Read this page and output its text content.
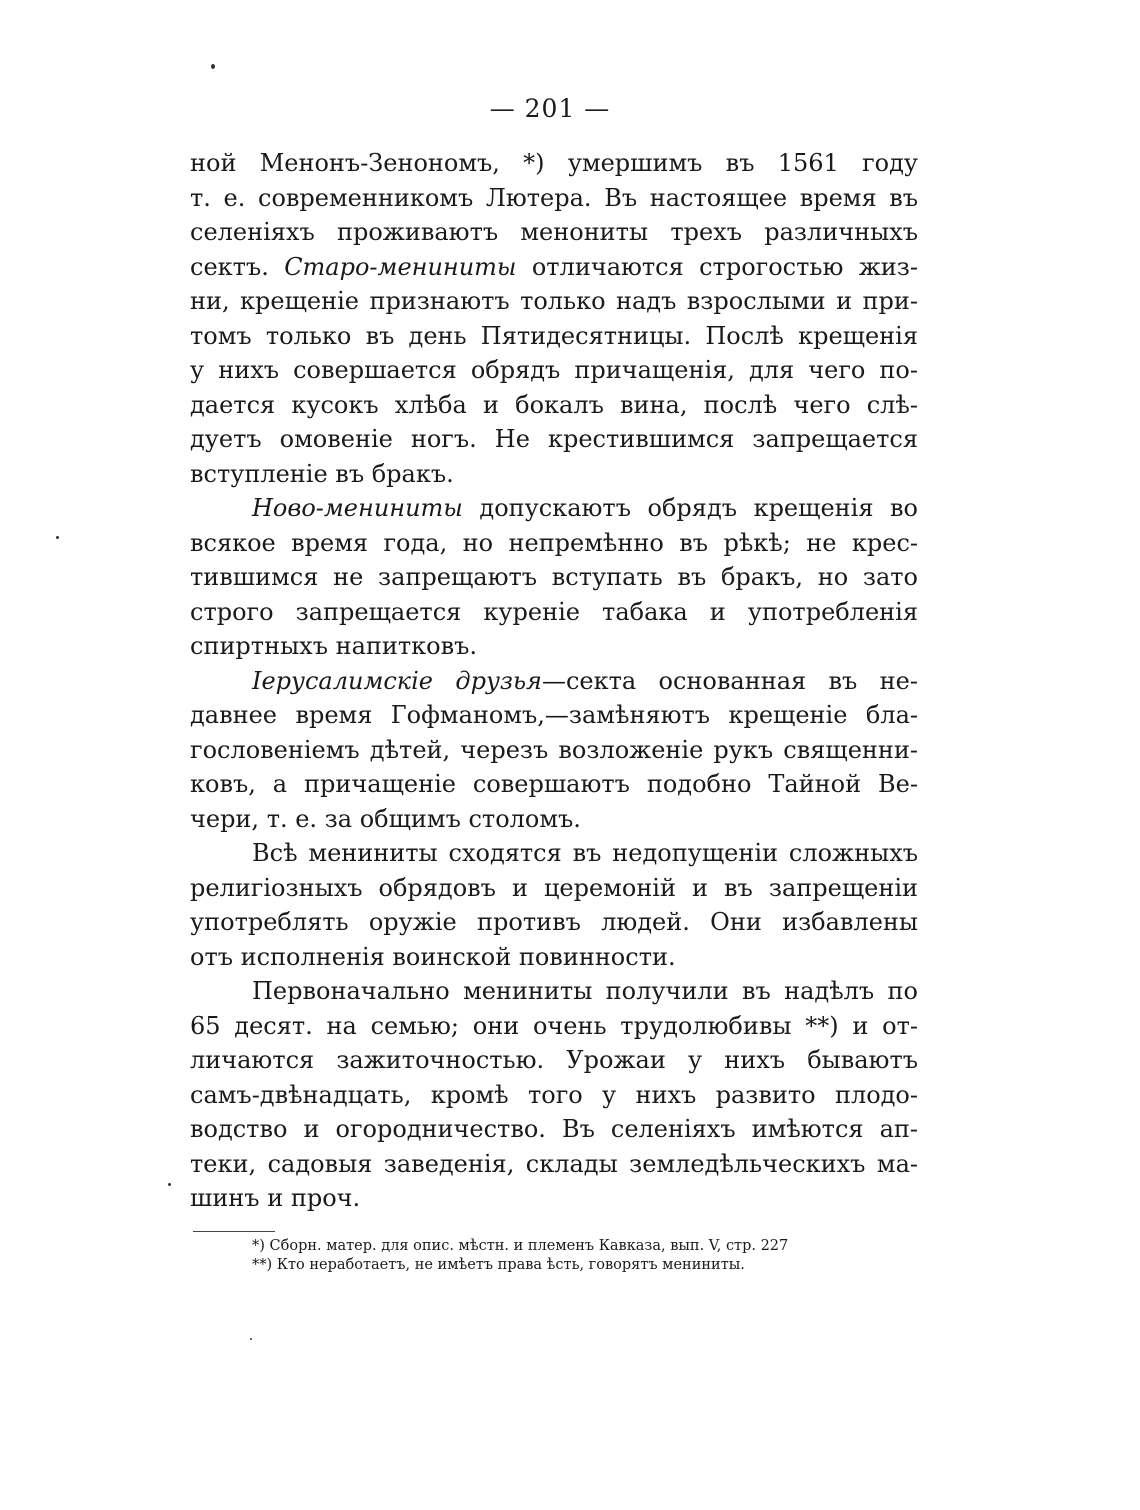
— 201 —
ной Менонъ-Зенономъ, *) умершимъ въ 1561 году
т. е. современникомъ Лютера. Въ настоящее время въ
селеніяхъ проживаютъ менониты трехъ различныхъ
сектъ. Старо-мениниты отличаются строгостью жиз-
ни, крещеніе признаютъ только надъ взрослыми и при-
томъ только въ день Пятидесятницы. Послѣ крещенія
у нихъ совершается обрядъ причащенія, для чего по-
дается кусокъ хлѣба и бокалъ вина, послѣ чего слѣ-
дуетъ омовеніе ногъ. Не крестившимся запрещается
вступленіе въ бракъ.
Ново-мениниты допускаютъ обрядъ крещенія во
всякое время года, но непремѣнно въ рѣкѣ; не крес-
тившимся не запрещаютъ вступать въ бракъ, но зато
строго запрещается куреніе табака и употребленія
спиртныхъ напитковъ.
Іерусалимскіе друзья—секта основанная въ не-
давнее время Гофманомъ,—замѣняютъ крещеніе бла-
гословеніемъ дѣтей, черезъ возложеніе рукъ священни-
ковъ, а причащеніе совершаютъ подобно Тайной Ве-
чери, т. е. за общимъ столомъ.
Всѣ мениниты сходятся въ недопущеніи сложныхъ
религіозныхъ обрядовъ и церемоній и въ запрещеніи
употреблять оружіе противъ людей. Они избавлены
отъ исполненія воинской повинности.
Первоначально мениниты получили въ надѣлъ по
65 десят. на семью; они очень трудолюбивы **) и от-
личаются зажиточностью. Урожаи у нихъ бываютъ
самъ-двѣнадцать, кромѣ того у нихъ развито плодо-
водство и огородничество. Въ селеніяхъ имѣются ап-
теки, садовыя заведенія, склады земледѣльческихъ ма-
шинъ и проч.
*) Сборн. матер. для опис. мѣстн. и племенъ Кавказа, вып. V, стр. 227
**) Кто неработаетъ, не имѣетъ права ѣсть, говорятъ мениниты.
